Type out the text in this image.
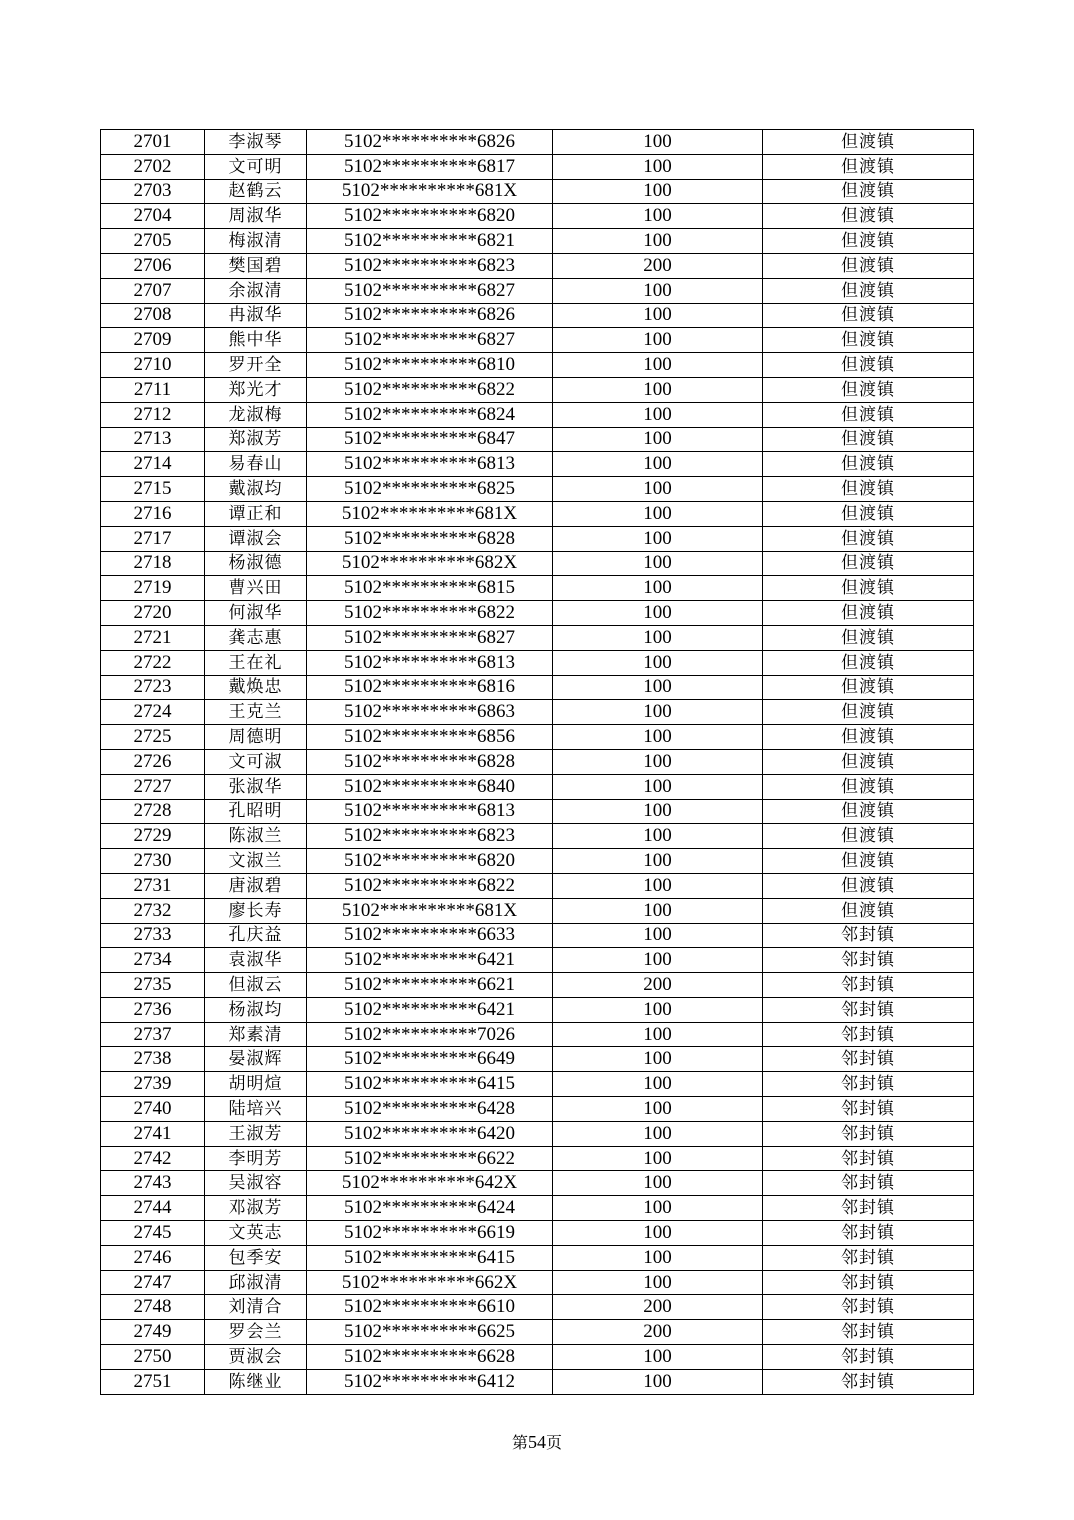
2701	李淑琴	5102**********6826	100	但渡镇
2702	文可明	5102**********6817	100	但渡镇
2703	赵鹤云	5102**********681X	100	但渡镇
2704	周淑华	5102**********6820	100	但渡镇
2705	梅淑清	5102**********6821	100	但渡镇
2706	樊国碧	5102**********6823	200	但渡镇
2707	余淑清	5102**********6827	100	但渡镇
2708	冉淑华	5102**********6826	100	但渡镇
2709	熊中华	5102**********6827	100	但渡镇
2710	罗开全	5102**********6810	100	但渡镇
2711	郑光才	5102**********6822	100	但渡镇
2712	龙淑梅	5102**********6824	100	但渡镇
2713	郑淑芳	5102**********6847	100	但渡镇
2714	易春山	5102**********6813	100	但渡镇
2715	戴淑均	5102**********6825	100	但渡镇
2716	谭正和	5102**********681X	100	但渡镇
2717	谭淑会	5102**********6828	100	但渡镇
2718	杨淑德	5102**********682X	100	但渡镇
2719	曹兴田	5102**********6815	100	但渡镇
2720	何淑华	5102**********6822	100	但渡镇
2721	龚志惠	5102**********6827	100	但渡镇
2722	王在礼	5102**********6813	100	但渡镇
2723	戴焕忠	5102**********6816	100	但渡镇
2724	王克兰	5102**********6863	100	但渡镇
2725	周德明	5102**********6856	100	但渡镇
2726	文可淑	5102**********6828	100	但渡镇
2727	张淑华	5102**********6840	100	但渡镇
2728	孔昭明	5102**********6813	100	但渡镇
2729	陈淑兰	5102**********6823	100	但渡镇
2730	文淑兰	5102**********6820	100	但渡镇
2731	唐淑碧	5102**********6822	100	但渡镇
2732	廖长寿	5102**********681X	100	但渡镇
2733	孔庆益	5102**********6633	100	邻封镇
2734	袁淑华	5102**********6421	100	邻封镇
2735	但淑云	5102**********6621	200	邻封镇
2736	杨淑均	5102**********6421	100	邻封镇
2737	郑素清	5102**********7026	100	邻封镇
2738	晏淑辉	5102**********6649	100	邻封镇
2739	胡明煊	5102**********6415	100	邻封镇
2740	陆培兴	5102**********6428	100	邻封镇
2741	王淑芳	5102**********6420	100	邻封镇
2742	李明芳	5102**********6622	100	邻封镇
2743	吴淑容	5102**********642X	100	邻封镇
2744	邓淑芳	5102**********6424	100	邻封镇
2745	文英志	5102**********6619	100	邻封镇
2746	包季安	5102**********6415	100	邻封镇
2747	邱淑清	5102**********662X	100	邻封镇
2748	刘清合	5102**********6610	200	邻封镇
2749	罗会兰	5102**********6625	200	邻封镇
2750	贾淑会	5102**********6628	100	邻封镇
2751	陈继业	5102**********6412	100	邻封镇
第54页
